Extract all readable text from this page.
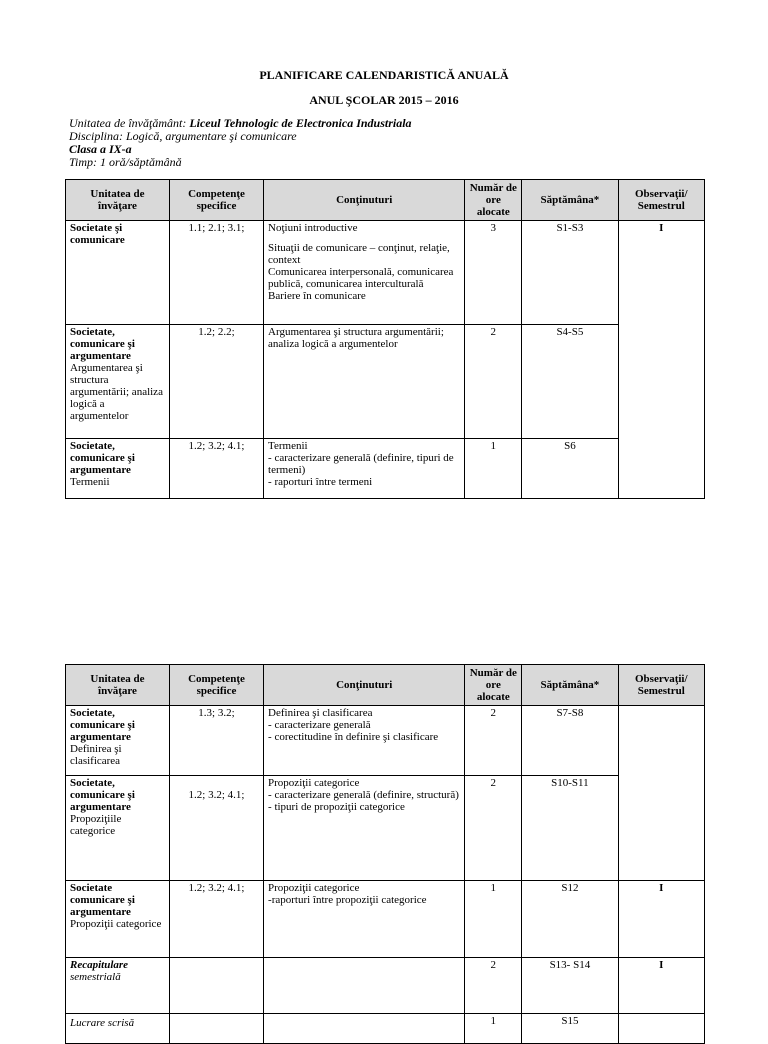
PLANIFICARE CALENDARISTICĂ ANUALĂ
ANUL ŞCOLAR 2015 – 2016
Unitatea de învăţământ: Liceul Tehnologic de Electronica Industriala
Disciplina: Logică, argumentare şi comunicare
Clasa a IX-a
Timp: 1 oră/săptămână
Unitatea de învăţare	Competenţe specifice	Conţinuturi	Număr de ore alocate	Săptămâna*	Observaţii/ Semestrul

Societate şi comunicare	1.1; 2.1; 3.1;	Noţiuni introductive
Situaţii de comunicare – conţinut, relaţie, context
Comunicarea interpersonală, comunicarea publică, comunicarea interculturală
Bariere în comunicare	3	S1-S3	I

Societate, comunicare şi argumentare
Argumentarea şi structura argumentării; analiza logică a argumentelor	1.2; 2.2;	Argumentarea şi structura argumentării; analiza logică a argumentelor	2	S4-S5	

Societate, comunicare şi argumentare
Termenii	1.2; 3.2; 4.1;	Termenii
- caracterizare generală (definire, tipuri de termeni)
- raporturi între termeni	1	S6	
Unitatea de învăţare	Competenţe specifice	Conţinuturi	Număr de ore alocate	Săptămâna*	Observaţii/ Semestrul

Societate, comunicare şi argumentare
Definirea şi clasificarea	1.3; 3.2;	Definirea şi clasificarea
- caracterizare generală
- corectitudine în definire şi clasificare	2	S7-S8	

Societate, comunicare şi argumentare
Propoziţiile categorice	1.2; 3.2; 4.1;	Propoziţii categorice
- caracterizare generală (definire, structură)
- tipuri de propoziţii categorice	2	S10-S11	

Societate comunicare şi argumentare
Propoziţii categorice	1.2; 3.2; 4.1;	Propoziţii categorice
-raporturi între propoziţii categorice	1	S12	I

Recapitulare
semestrială			2	S13- S14	I

Lucrare scrisă			1	S15	
